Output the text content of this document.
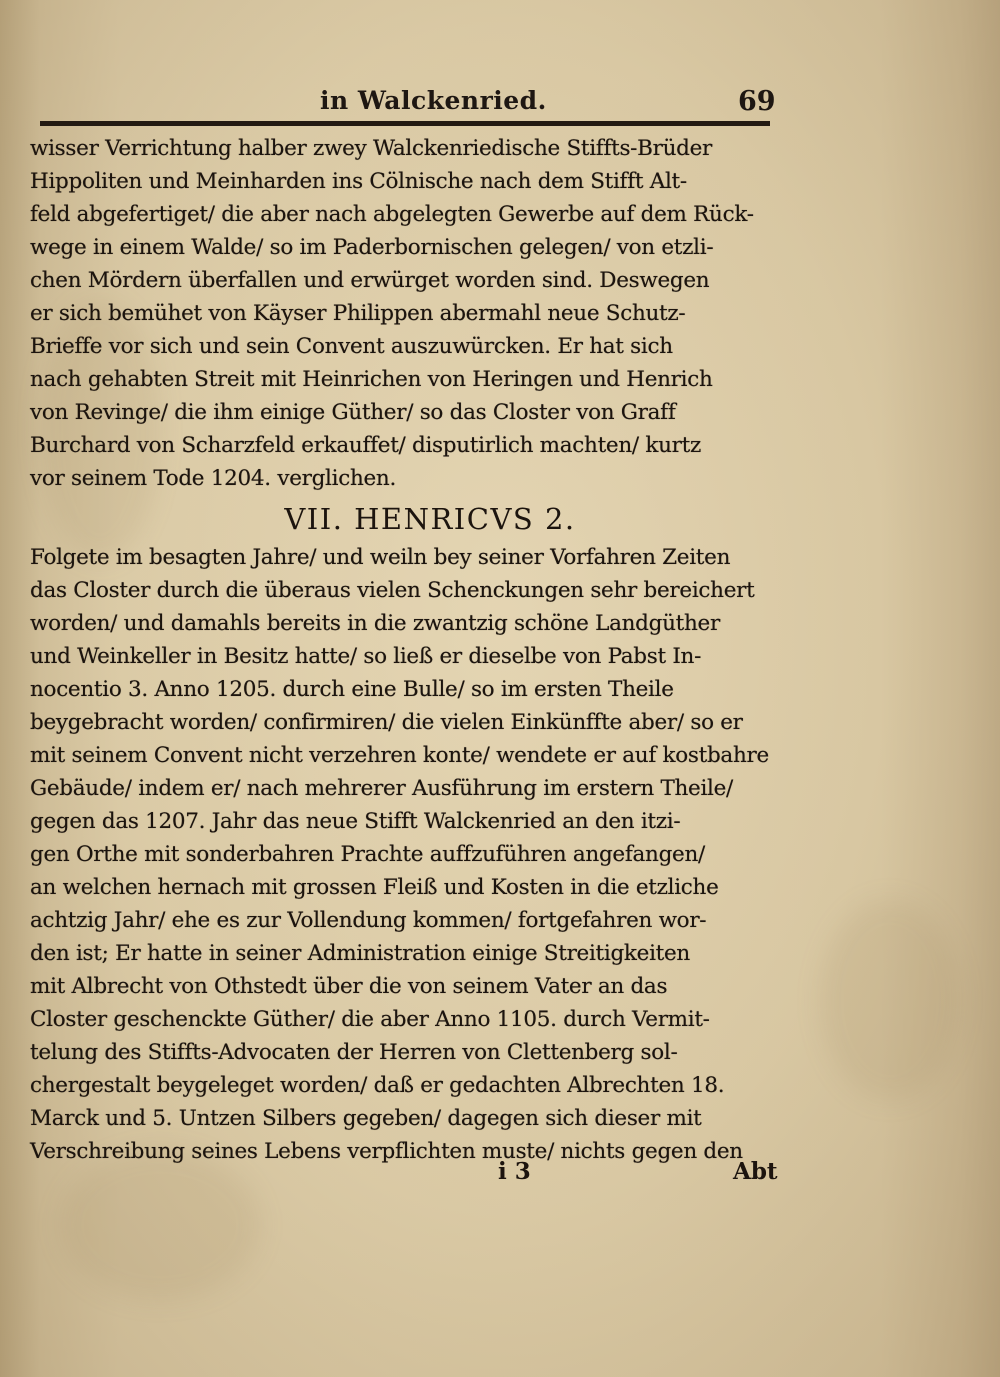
in Walckenried.	69
wisser Verrichtung halber zwey Walckenriedische Stiffts-Brüder
Hippoliten und Meinharden ins Cölnische nach dem Stifft Alt-
feld abgefertiget/ die aber nach abgelegten Gewerbe auf dem Rück-
wege in einem Walde/ so im Paderbornischen gelegen/ von etzli-
chen Mördern überfallen und erwürget worden sind. Deswegen
er sich bemühet von Käyser Philippen abermahl neue Schutz-
Brieffe vor sich und sein Convent auszuwürcken. Er hat sich
nach gehabten Streit mit Heinrichen von Heringen und Henrich
von Revinge/ die ihm einige Güther/ so das Closter von Graff
Burchard von Scharzfeld erkauffet/ disputirlich machten/ kurtz
vor seinem Tode 1204. verglichen.
VII. HENRICVS 2.
Folgete im besagten Jahre/ und weiln bey seiner Vorfahren Zeiten
das Closter durch die überaus vielen Schenckungen sehr bereichert
worden/ und damahls bereits in die zwantzig schöne Landgüther
und Weinkeller in Besitz hatte/ so ließ er dieselbe von Pabst In-
nocentio 3. Anno 1205. durch eine Bulle/ so im ersten Theile
beygebracht worden/ confirmiren/ die vielen Einkünffte aber/ so er
mit seinem Convent nicht verzehren konte/ wendete er auf kostbahre
Gebäude/ indem er/ nach mehrerer Ausführung im erstern Theile/
gegen das 1207. Jahr das neue Stifft Walckenried an den itzi-
gen Orthe mit sonderbahren Prachte auffzuführen angefangen/
an welchen hernach mit grossen Fleiß und Kosten in die etzliche
achtzig Jahr/ ehe es zur Vollendung kommen/ fortgefahren wor-
den ist; Er hatte in seiner Administration einige Streitigkeiten
mit Albrecht von Othstedt über die von seinem Vater an das
Closter geschenckte Güther/ die aber Anno 1105. durch Vermit-
telung des Stiffts-Advocaten der Herren von Clettenberg sol-
chergestalt beygeleget worden/ daß er gedachten Albrechten 18.
Marck und 5. Untzen Silbers gegeben/ dagegen sich dieser mit
Verschreibung seines Lebens verpflichten muste/ nichts gegen den
i 3	Abt
